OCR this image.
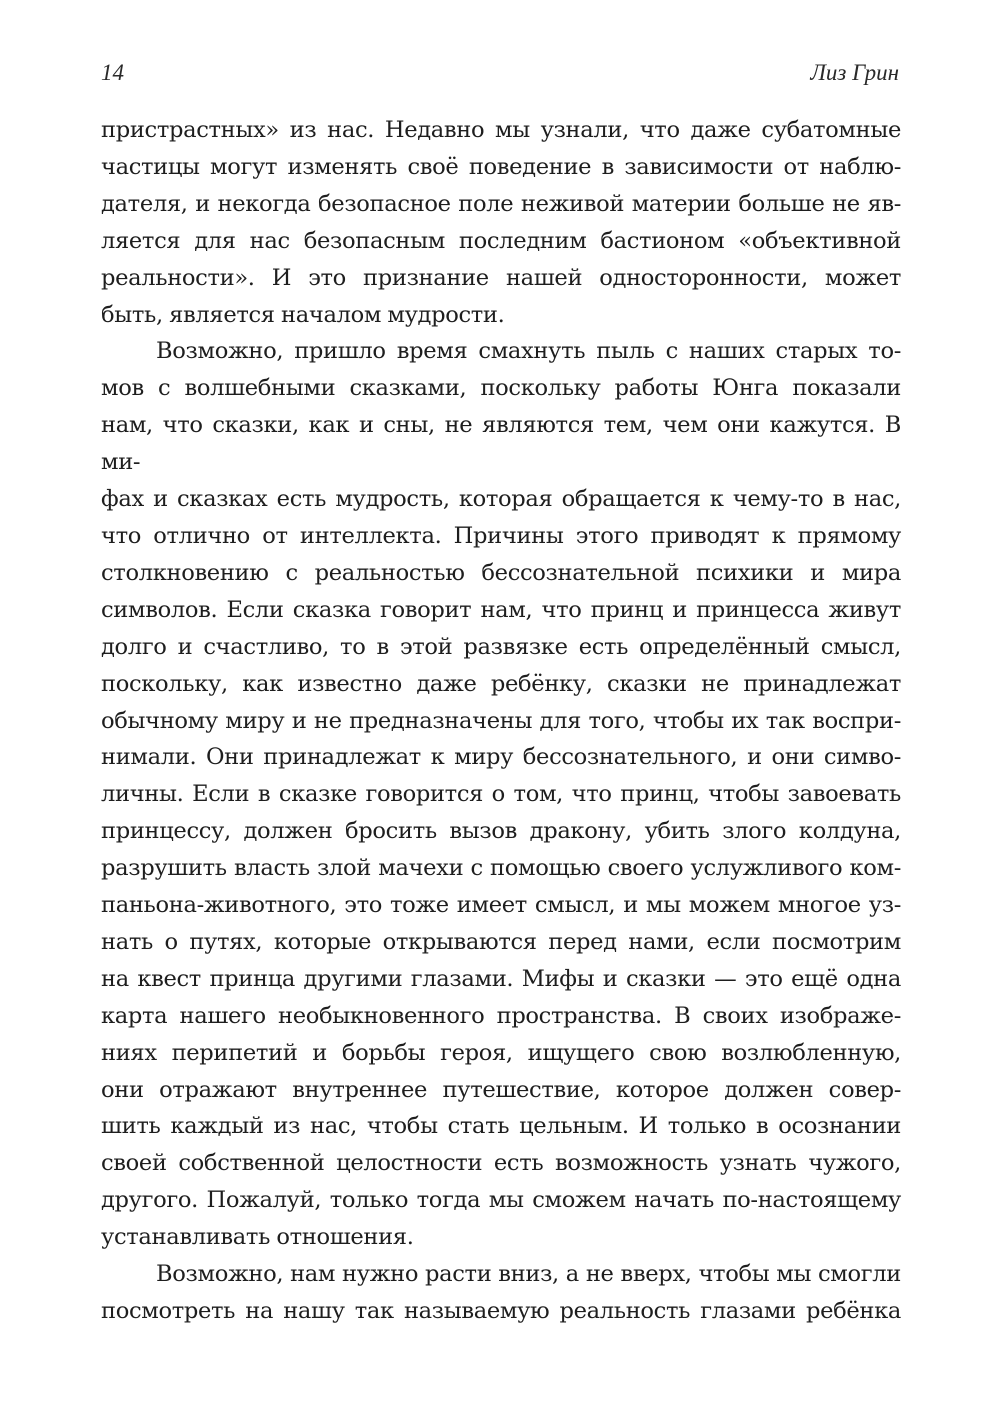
14	Лиз Грин
пристрастных» из нас. Недавно мы узнали, что даже субатомные
частицы могут изменять своё поведение в зависимости от наблю-
дателя, и некогда безопасное поле неживой материи больше не яв-
ляется для нас безопасным последним бастионом «объективной
реальности». И это признание нашей односторонности, может
быть, является началом мудрости.
Возможно, пришло время смахнуть пыль с наших старых то-
мов с волшебными сказками, поскольку работы Юнга показали
нам, что сказки, как и сны, не являются тем, чем они кажутся. В ми-
фах и сказках есть мудрость, которая обращается к чему-то в нас,
что отлично от интеллекта. Причины этого приводят к прямому
столкновению с реальностью бессознательной психики и мира
символов. Если сказка говорит нам, что принц и принцесса живут
долго и счастливо, то в этой развязке есть определённый смысл,
поскольку, как известно даже ребёнку, сказки не принадлежат
обычному миру и не предназначены для того, чтобы их так воспри-
нимали. Они принадлежат к миру бессознательного, и они симво-
личны. Если в сказке говорится о том, что принц, чтобы завоевать
принцессу, должен бросить вызов дракону, убить злого колдуна,
разрушить власть злой мачехи с помощью своего услужливого ком-
паньона-животного, это тоже имеет смысл, и мы можем многое уз-
нать о путях, которые открываются перед нами, если посмотрим
на квест принца другими глазами. Мифы и сказки — это ещё одна
карта нашего необыкновенного пространства. В своих изображе-
ниях перипетий и борьбы героя, ищущего свою возлюбленную,
они отражают внутреннее путешествие, которое должен совер-
шить каждый из нас, чтобы стать цельным. И только в осознании
своей собственной целостности есть возможность узнать чужого,
другого. Пожалуй, только тогда мы сможем начать по-настоящему
устанавливать отношения.
Возможно, нам нужно расти вниз, а не вверх, чтобы мы смогли
посмотреть на нашу так называемую реальность глазами ребёнка
